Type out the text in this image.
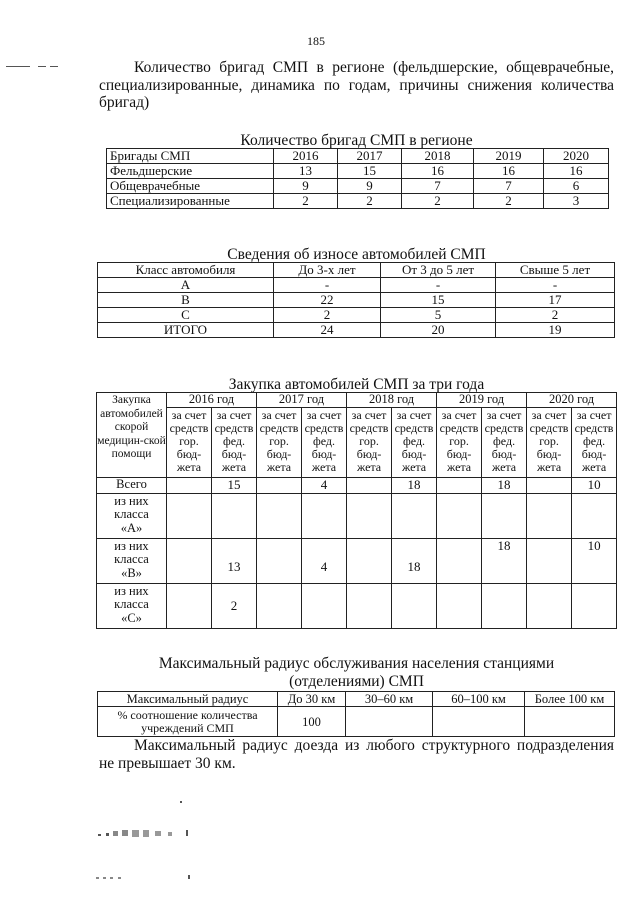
185
Количество бригад СМП в регионе (фельдшерские, общеврачебные,
специализированные, динамика по годам, причины снижения количества
бригад)
Количество бригад СМП в регионе
Бригады СМП	2016	2017	2018	2019	2020
Фельдшерские	13	15	16	16	16
Общеврачебные	9	9	7	7	6
Специализированные	2	2	2	2	3
Сведения об износе автомобилей СМП
Класс автомобиля	До 3-х лет	От 3 до 5 лет	Свыше 5 лет
А	-	-	-
В	22	15	17
С	2	5	2
ИТОГО	24	20	19
Закупка автомобилей СМП за три года
Закупка автомобилей скорой медицин-ской помощи	2016 год		2017 год		2018 год		2019 год		2020 год	
	за счет средств гор. бюд-жета	за счет средств фед. бюд-жета	за счет средств гор. бюд-жета	за счет средств фед. бюд-жета	за счет средств гор. бюд-жета	за счет средств фед. бюд-жета	за счет средств гор. бюд-жета	за счет средств фед. бюд-жета	за счет средств гор. бюд-жета	за счет средств фед. бюд-жета
Всего		15		4		18		18		10
из них класса «А»										
из них класса «В»		13		4		18		18		10
из них класса «С»		2								
Максимальный радиус обслуживания населения станциями
(отделениями) СМП
Максимальный радиус	До 30 км	30–60 км	60–100 км	Более 100 км
% соотношение количества учреждений СМП	100			
Максимальный радиус доезда из любого структурного подразделения
не превышает 30 км.
